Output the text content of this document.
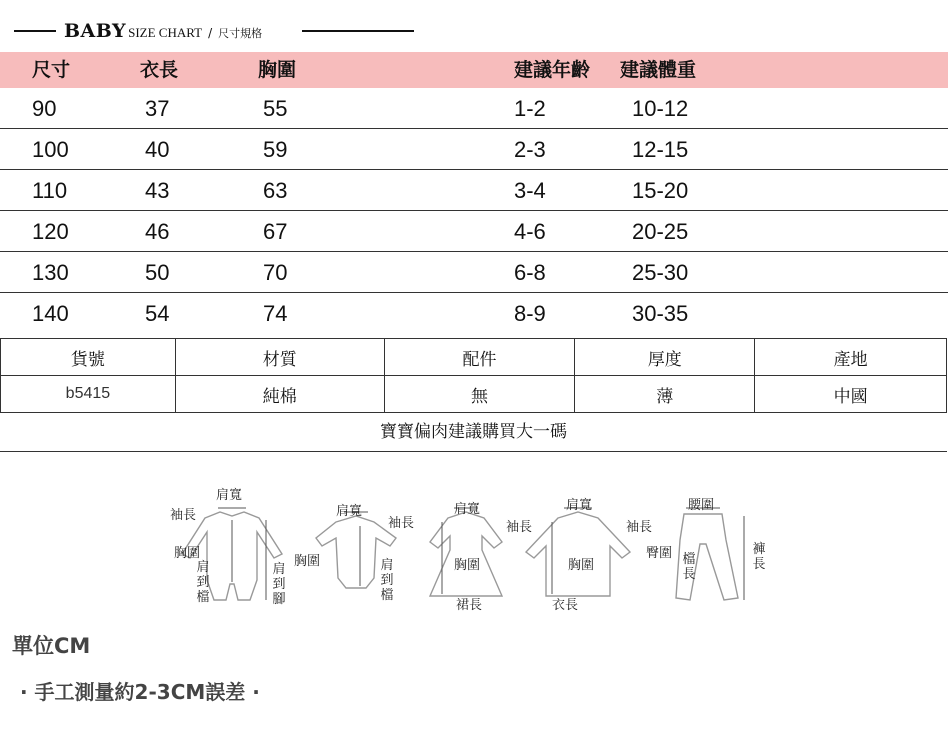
BABY SIZE CHART / 尺寸規格
尺寸	衣長	胸圍	建議年齡 建議體重
90	37	55	1-2	10-12
100	40	59	2-3	12-15
110	43	63	3-4	15-20
120	46	67	4-6	20-25
130	50	70	6-8	25-30
140	54	74	8-9	30-35
貨號	材質	配件	厚度	產地
b5415	純棉	無	薄	中國
寶寶偏肉建議購買大一碼
肩寬
袖長
胸圍
肩到檔
肩到腳
肩寬
袖長
胸圍	肩到檔
肩寬
袖長
胸圍
裙長
肩寬
袖長
胸圍
衣長
腰圍
臀圍 檔長
褲長
單位CM
· 手工測量約2-3CM誤差 ·
